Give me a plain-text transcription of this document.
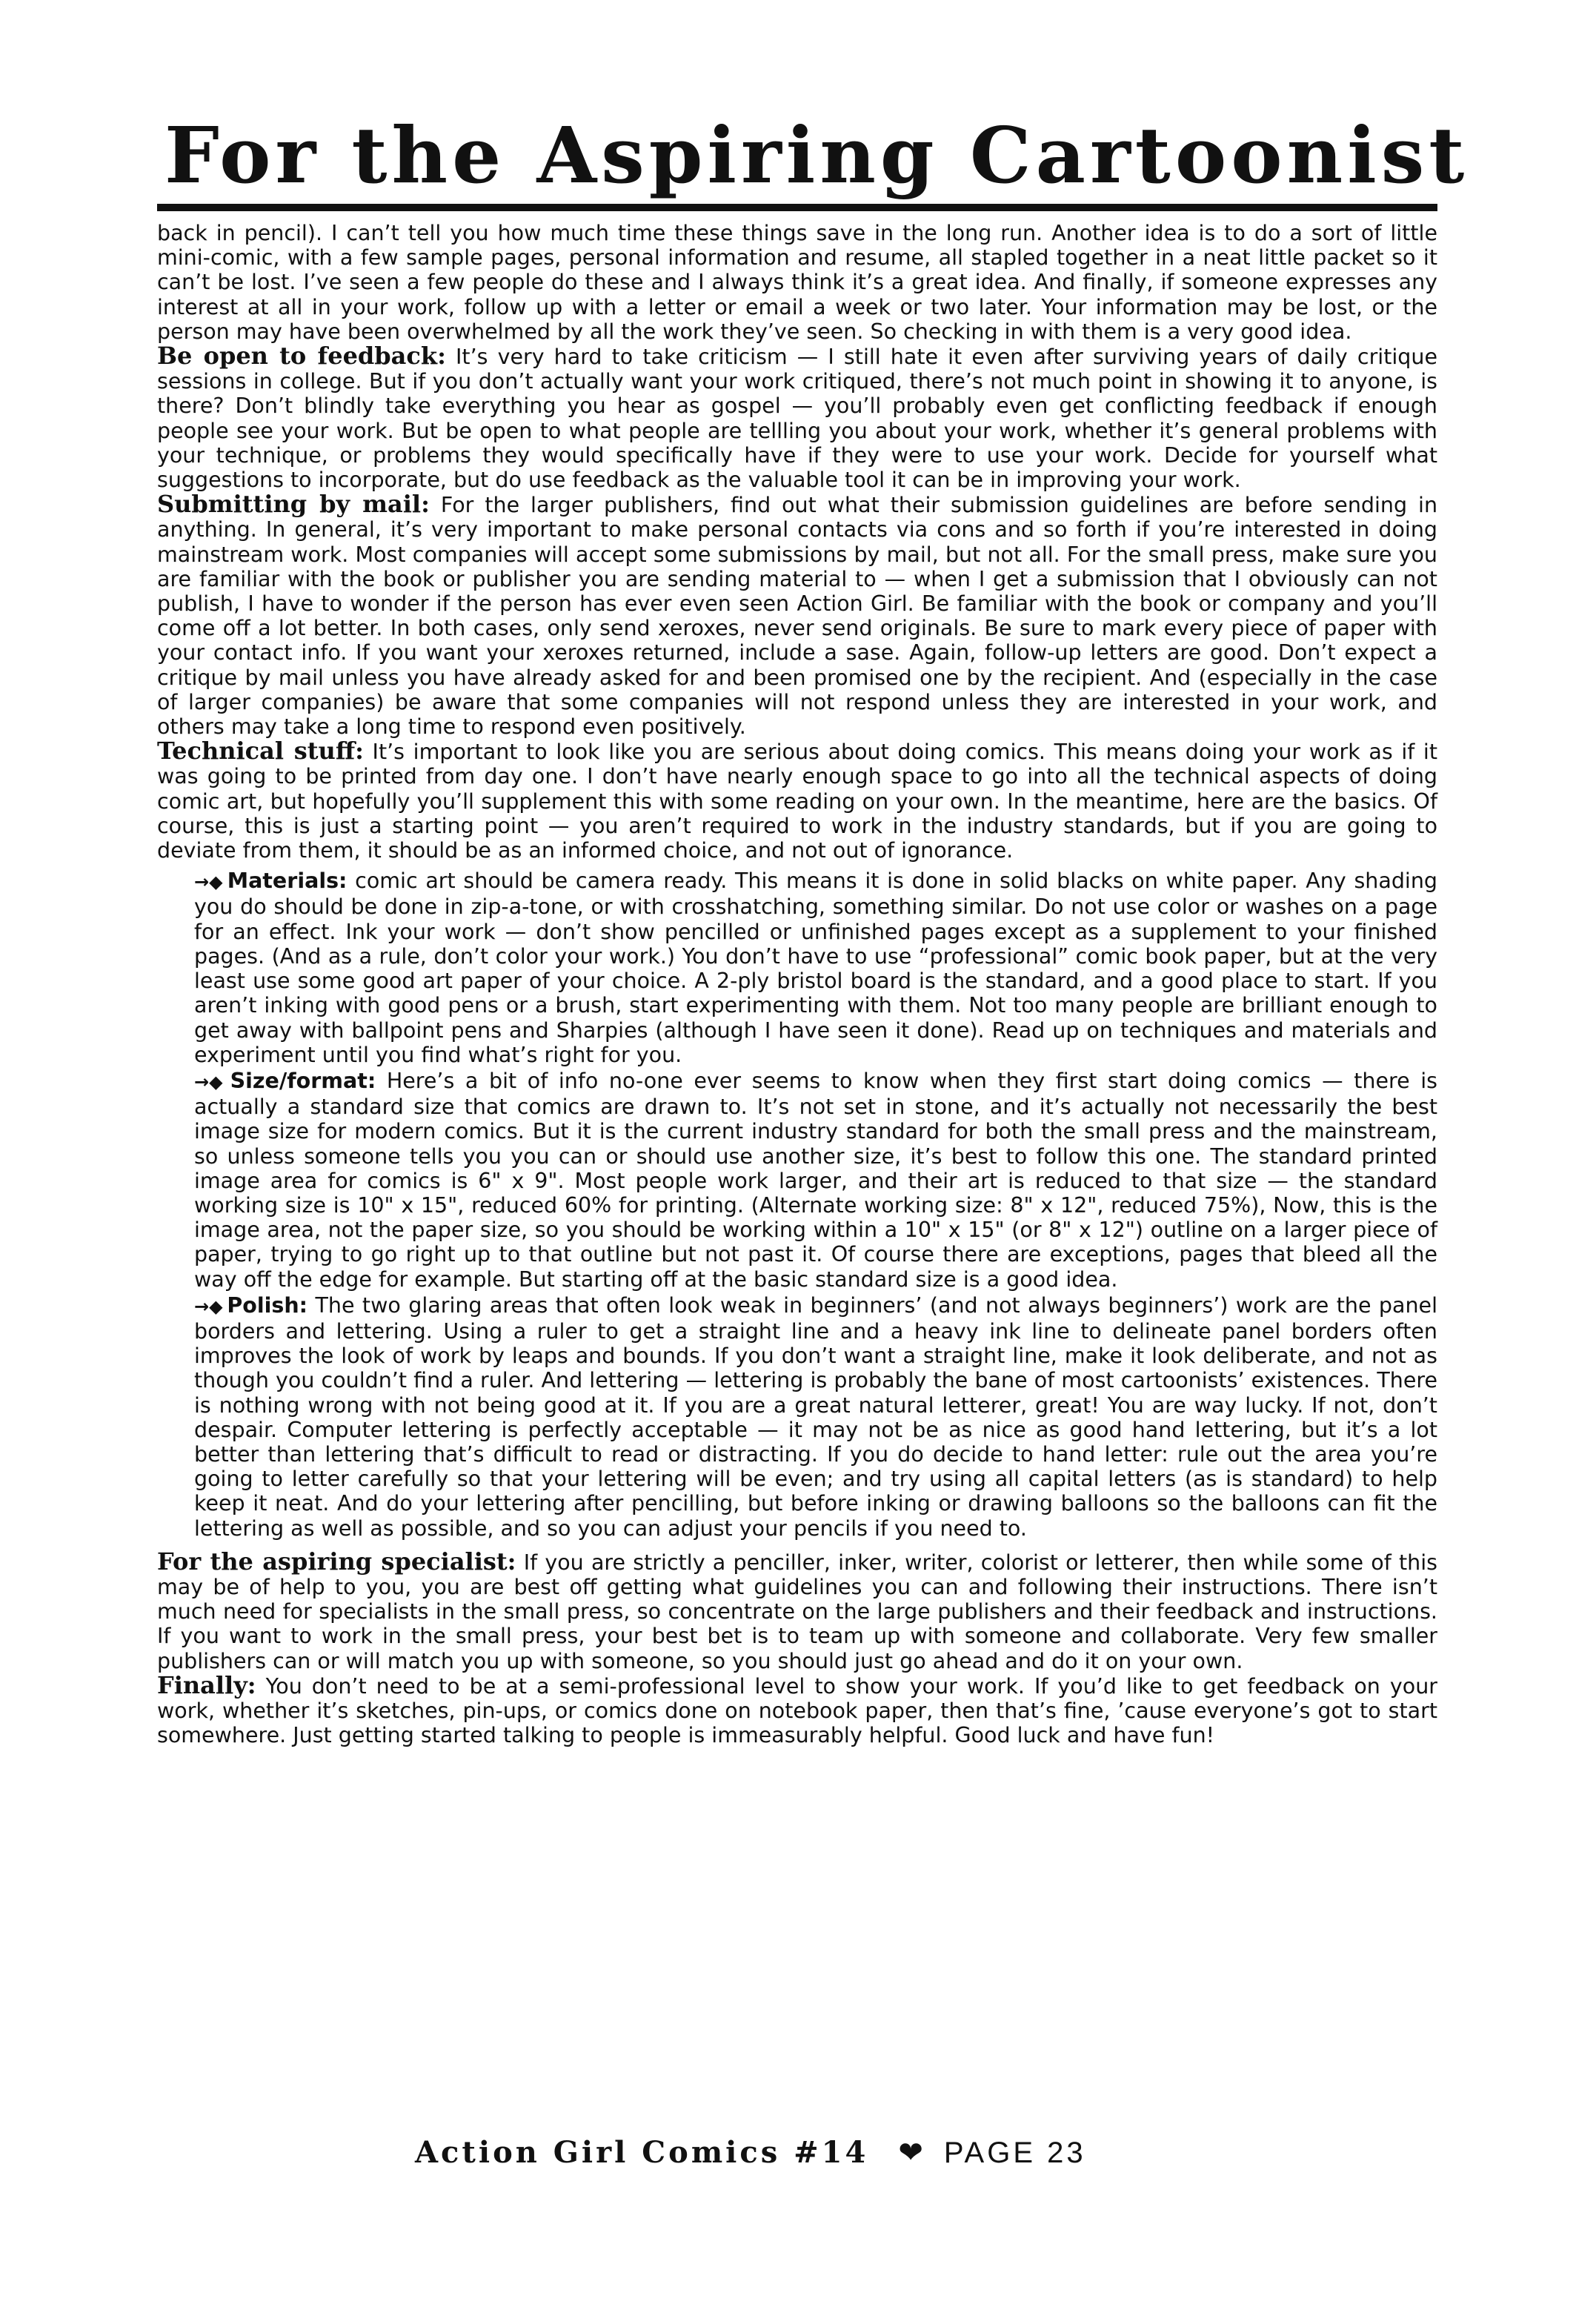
For the Aspiring Cartoonist

back in pencil). I can’t tell you how much time these things save in the long run. Another idea is to do a sort of little mini-comic, with a few sample pages, personal information and resume, all stapled together in a neat little packet so it can’t be lost. I’ve seen a few people do these and I always think it’s a great idea. And finally, if someone expresses any interest at all in your work, follow up with a letter or email a week or two later. Your information may be lost, or the person may have been overwhelmed by all the work they’ve seen. So checking in with them is a very good idea.

Be open to feedback: It’s very hard to take criticism — I still hate it even after surviving years of daily critique sessions in college. But if you don’t actually want your work critiqued, there’s not much point in showing it to anyone, is there? Don’t blindly take everything you hear as gospel — you’ll probably even get conflicting feedback if enough people see your work. But be open to what people are tellling you about your work, whether it’s general problems with your technique, or problems they would specifically have if they were to use your work. Decide for yourself what suggestions to incorporate, but do use feedback as the valuable tool it can be in improving your work.

Submitting by mail: For the larger publishers, find out what their submission guidelines are before sending in anything. In general, it’s very important to make personal contacts via cons and so forth if you’re interested in doing mainstream work. Most companies will accept some submissions by mail, but not all. For the small press, make sure you are familiar with the book or publisher you are sending material to — when I get a submission that I obviously can not publish, I have to wonder if the person has ever even seen Action Girl. Be familiar with the book or company and you’ll come off a lot better. In both cases, only send xeroxes, never send originals. Be sure to mark every piece of paper with your contact info. If you want your xeroxes returned, include a sase. Again, follow-up letters are good. Don’t expect a critique by mail unless you have already asked for and been promised one by the recipient. And (especially in the case of larger companies) be aware that some companies will not respond unless they are interested in your work, and others may take a long time to respond even positively.

Technical stuff: It’s important to look like you are serious about doing comics. This means doing your work as if it was going to be printed from day one. I don’t have nearly enough space to go into all the technical aspects of doing comic art, but hopefully you’ll supplement this with some reading on your own. In the meantime, here are the basics. Of course, this is just a starting point — you aren’t required to work in the industry standards, but if you are going to deviate from them, it should be as an informed choice, and not out of ignorance.

→◆ Materials: comic art should be camera ready. This means it is done in solid blacks on white paper. Any shading you do should be done in zip-a-tone, or with crosshatching, something similar. Do not use color or washes on a page for an effect. Ink your work — don’t show pencilled or unfinished pages except as a supplement to your finished pages. (And as a rule, don’t color your work.) You don’t have to use “professional” comic book paper, but at the very least use some good art paper of your choice. A 2-ply bristol board is the standard, and a good place to start. If you aren’t inking with good pens or a brush, start experimenting with them. Not too many people are brilliant enough to get away with ballpoint pens and Sharpies (although I have seen it done). Read up on techniques and materials and experiment until you find what’s right for you.
→◆ Size/format: Here’s a bit of info no-one ever seems to know when they first start doing comics — there is actually a standard size that comics are drawn to. It’s not set in stone, and it’s actually not necessarily the best image size for modern comics. But it is the current industry standard for both the small press and the mainstream, so unless someone tells you you can or should use another size, it’s best to follow this one. The standard printed image area for comics is 6" x 9". Most people work larger, and their art is reduced to that size — the standard working size is 10" x 15", reduced 60% for printing. (Alternate working size: 8" x 12", reduced 75%), Now, this is the image area, not the paper size, so you should be working within a 10" x 15" (or 8" x 12") outline on a larger piece of paper, trying to go right up to that outline but not past it. Of course there are exceptions, pages that bleed all the way off the edge for example. But starting off at the basic standard size is a good idea.
→◆ Polish: The two glaring areas that often look weak in beginners’ (and not always beginners’) work are the panel borders and lettering. Using a ruler to get a straight line and a heavy ink line to delineate panel borders often improves the look of work by leaps and bounds. If you don’t want a straight line, make it look deliberate, and not as though you couldn’t find a ruler. And lettering — lettering is probably the bane of most cartoonists’ existences. There is nothing wrong with not being good at it. If you are a great natural letterer, great! You are way lucky. If not, don’t despair. Computer lettering is perfectly acceptable — it may not be as nice as good hand lettering, but it’s a lot better than lettering that’s difficult to read or distracting. If you do decide to hand letter: rule out the area you’re going to letter carefully so that your lettering will be even; and try using all capital letters (as is standard) to help keep it neat. And do your lettering after pencilling, but before inking or drawing balloons so the balloons can fit the lettering as well as possible, and so you can adjust your pencils if you need to.

For the aspiring specialist: If you are strictly a penciller, inker, writer, colorist or letterer, then while some of this may be of help to you, you are best off getting what guidelines you can and following their instructions. There isn’t much need for specialists in the small press, so concentrate on the large publishers and their feedback and instructions. If you want to work in the small press, your best bet is to team up with someone and collaborate. Very few smaller publishers can or will match you up with someone, so you should just go ahead and do it on your own.

Finally: You don’t need to be at a semi-professional level to show your work. If you’d like to get feedback on your work, whether it’s sketches, pin-ups, or comics done on notebook paper, then that’s fine, ’cause everyone’s got to start somewhere. Just getting started talking to people is immeasurably helpful. Good luck and have fun!

Action Girl Comics #14 ❤ PAGE 23
